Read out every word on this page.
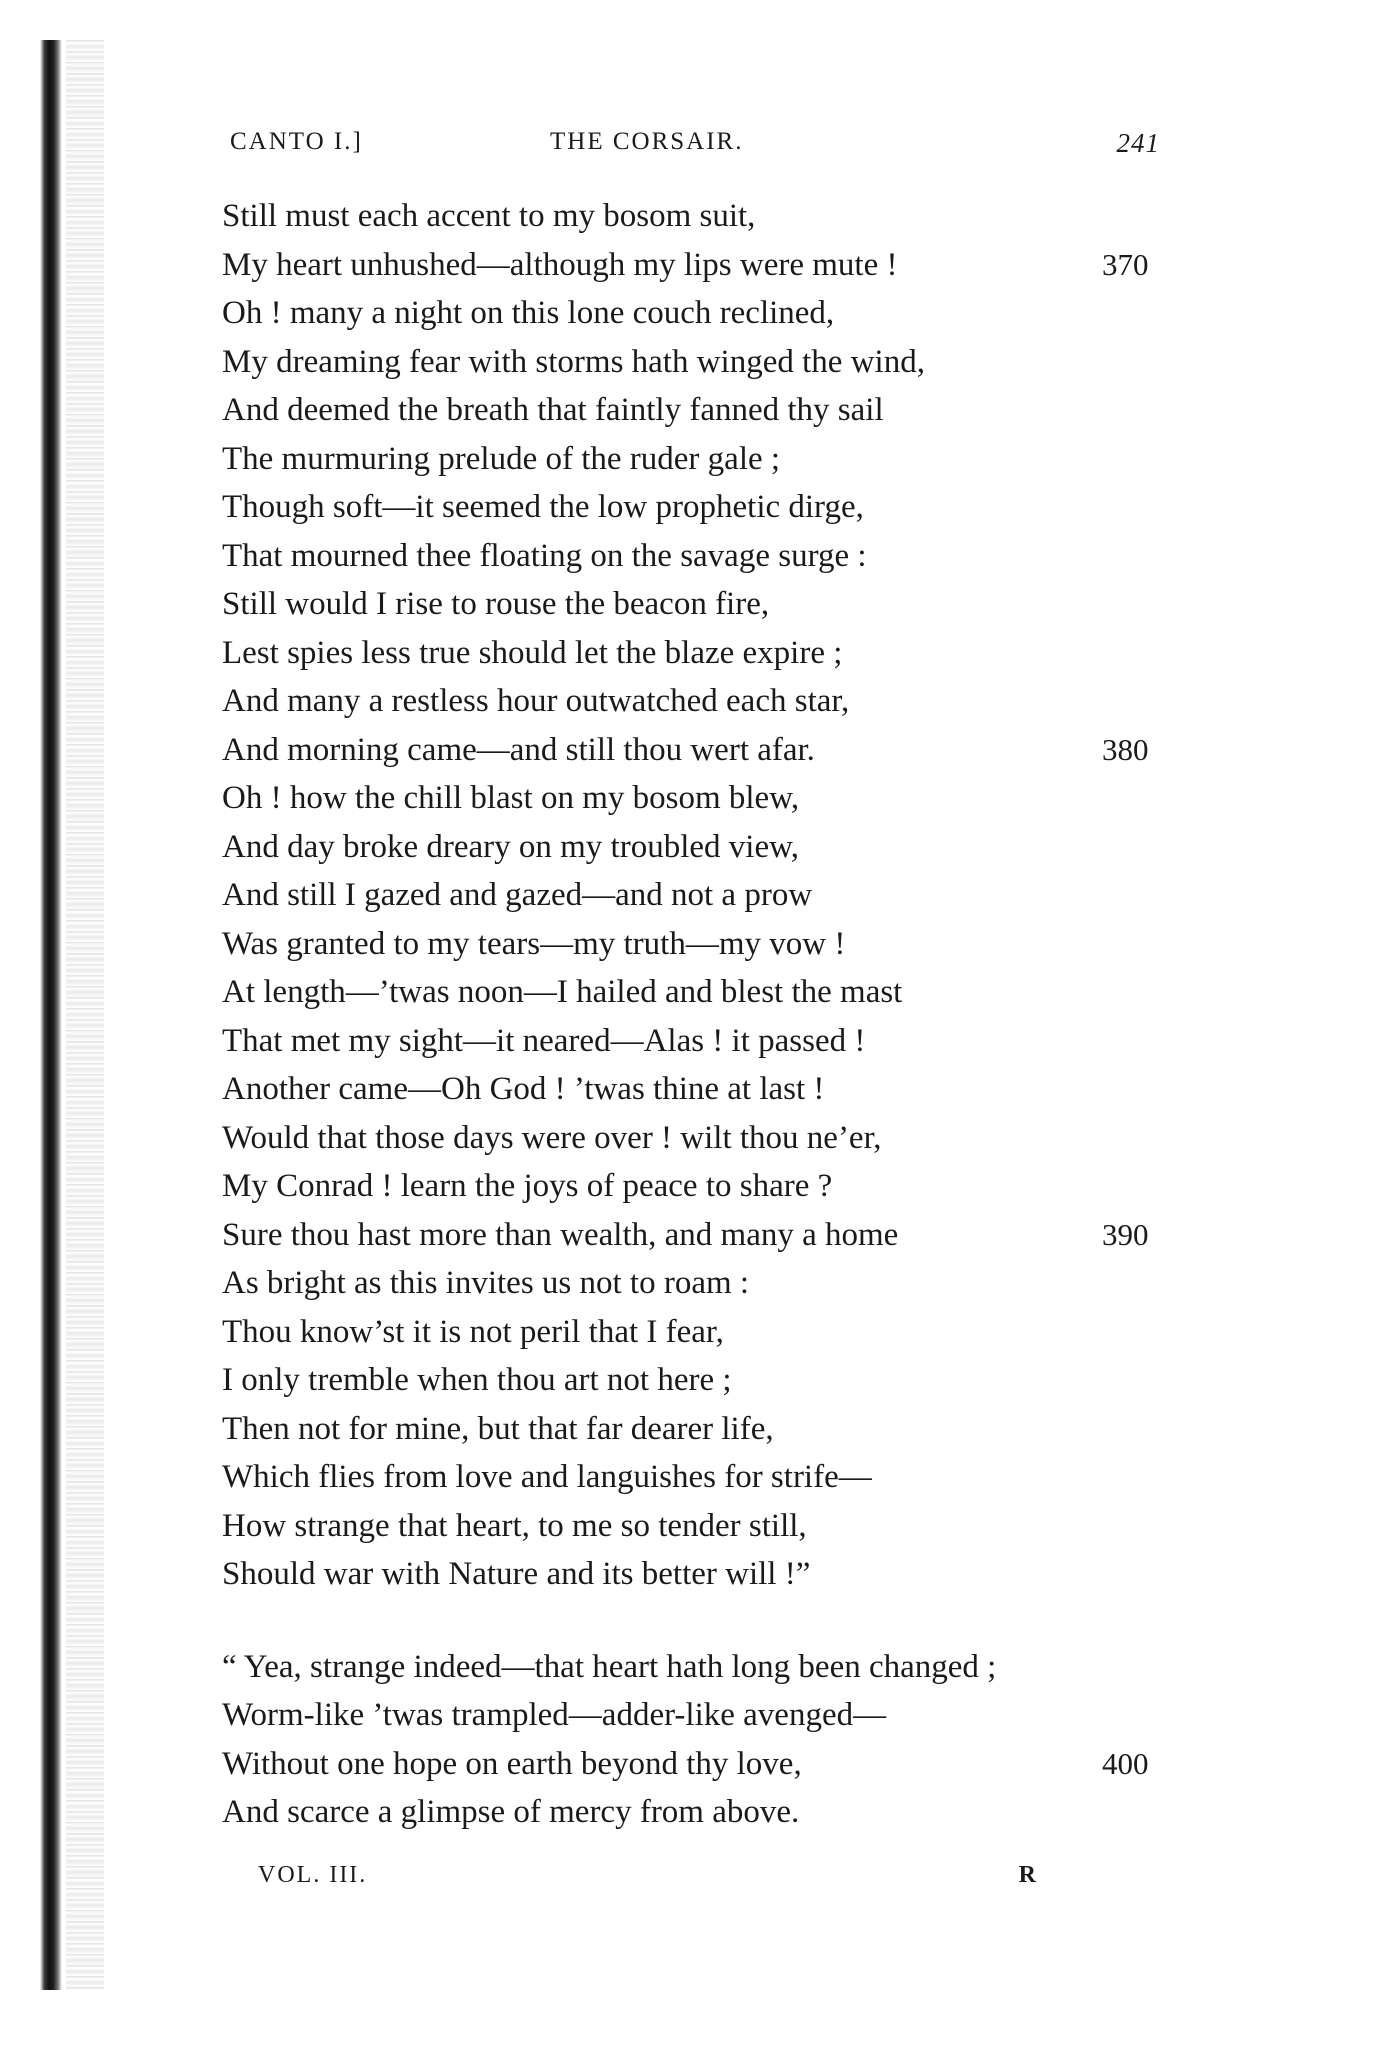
CANTO I.]	THE CORSAIR.	241
Still must each accent to my bosom suit,
My heart unhushed—although my lips were mute !	370
Oh ! many a night on this lone couch reclined,
My dreaming fear with storms hath winged the wind,
And deemed the breath that faintly fanned thy sail
The murmuring prelude of the ruder gale ;
Though soft—it seemed the low prophetic dirge,
That mourned thee floating on the savage surge :
Still would I rise to rouse the beacon fire,
Lest spies less true should let the blaze expire ;
And many a restless hour outwatched each star,
And morning came—and still thou wert afar.	380
Oh ! how the chill blast on my bosom blew,
And day broke dreary on my troubled view,
And still I gazed and gazed—and not a prow
Was granted to my tears—my truth—my vow !
At length—’twas noon—I hailed and blest the mast
That met my sight—it neared—Alas ! it passed !
Another came—Oh God ! ’twas thine at last !
Would that those days were over ! wilt thou ne’er,
My Conrad ! learn the joys of peace to share ?
Sure thou hast more than wealth, and many a home	390
As bright as this invites us not to roam :
Thou know’st it is not peril that I fear,
I only tremble when thou art not here ;
Then not for mine, but that far dearer life,
Which flies from love and languishes for strife—
How strange that heart, to me so tender still,
Should war with Nature and its better will !”
“ Yea, strange indeed—that heart hath long been changed ;
Worm-like ’twas trampled—adder-like avenged—
Without one hope on earth beyond thy love,	400
And scarce a glimpse of mercy from above.
VOL. III.	R
